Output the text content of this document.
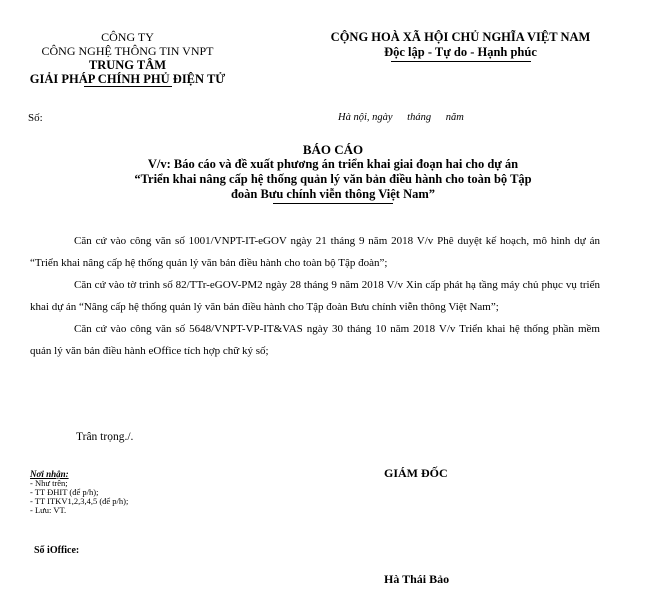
CÔNG TY
CÔNG NGHỆ THÔNG TIN VNPT
TRUNG TÂM
GIẢI PHÁP CHÍNH PHỦ ĐIỆN TỬ
CỘNG HOÀ XÃ HỘI CHỦ NGHĨA VIỆT NAM
Độc lập - Tự do - Hạnh phúc
Số:	Hà nội, ngày tháng năm
BÁO CÁO
V/v: Báo cáo và đề xuất phương án triển khai giai đoạn hai cho dự án
“Triển khai nâng cấp hệ thống quản lý văn bản điều hành cho toàn bộ Tập
đoàn Bưu chính viễn thông Việt Nam”

Căn cứ vào công văn số 1001/VNPT-IT-eGOV ngày 21 tháng 9 năm 2018 V/v Phê duyệt kế hoạch, mô hình dự án “Triển khai nâng cấp hệ thống quản lý văn bản điều hành cho toàn bộ Tập đoàn”;

Căn cứ vào tờ trình số 82/TTr-eGOV-PM2 ngày 28 tháng 9 năm 2018 V/v Xin cấp phát hạ tầng máy chủ phục vụ triển khai dự án “Nâng cấp hệ thống quản lý văn bản điều hành cho Tập đoàn Bưu chính viễn thông Việt Nam”;

Căn cứ vào công văn số 5648/VNPT-VP-IT&VAS ngày 30 tháng 10 năm 2018 V/v Triển khai hệ thống phần mềm quản lý văn bản điều hành eOffice tích hợp chữ ký số;

Trân trọng./.
Nơi nhận:
- Như trên;
- TT ĐHIT (để p/h);
- TT ITKV1,2,3,4,5 (để p/h);
- Lưu: VT.
GIÁM ĐỐC
Số iOffice:
Hà Thái Bảo
